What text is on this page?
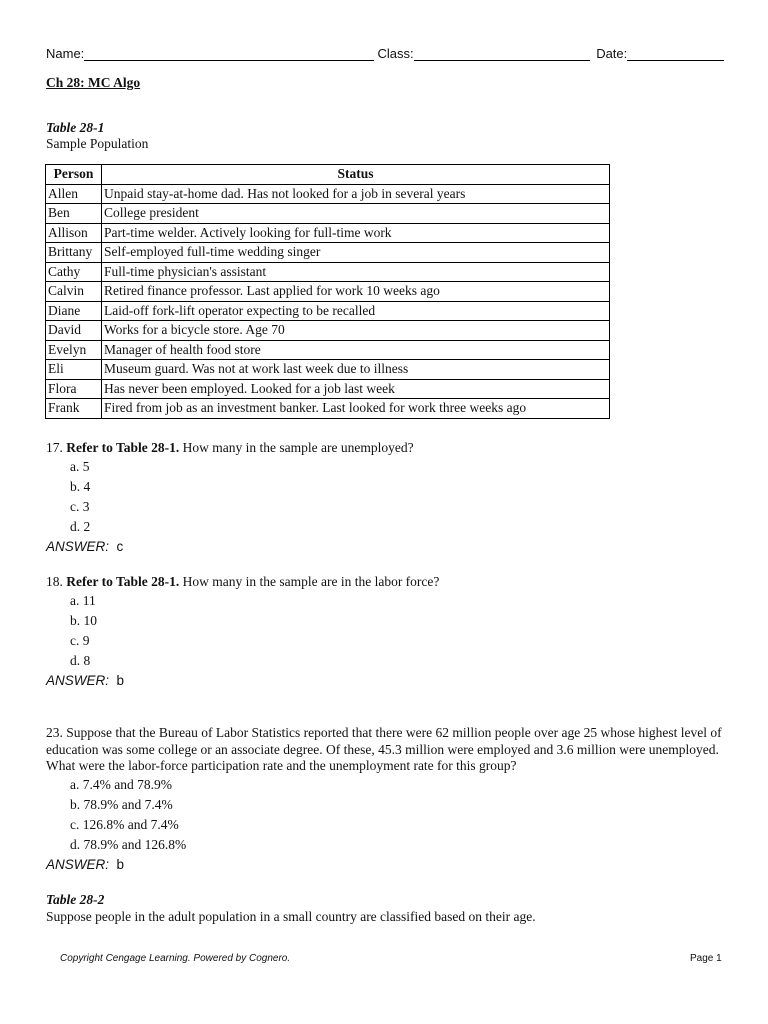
Name:	Class:	Date:
Ch 28: MC Algo
Table 28-1
Sample Population
Person	Status
Allen	Unpaid stay-at-home dad. Has not looked for a job in several years
Ben	College president
Allison	Part-time welder. Actively looking for full-time work
Brittany	Self-employed full-time wedding singer
Cathy	Full-time physician's assistant
Calvin	Retired finance professor. Last applied for work 10 weeks ago
Diane	Laid-off fork-lift operator expecting to be recalled
David	Works for a bicycle store. Age 70
Evelyn	Manager of health food store
Eli	Museum guard. Was not at work last week due to illness
Flora	Has never been employed. Looked for a job last week
Frank	Fired from job as an investment banker. Last looked for work three weeks ago
17. Refer to Table 28-1. How many in the sample are unemployed?
a. 5
b. 4
c. 3
d. 2
ANSWER: c
18. Refer to Table 28-1. How many in the sample are in the labor force?
a. 11
b. 10
c. 9
d. 8
ANSWER: b
23. Suppose that the Bureau of Labor Statistics reported that there were 62 million people over age 25 whose highest level of education was some college or an associate degree. Of these, 45.3 million were employed and 3.6 million were unemployed. What were the labor-force participation rate and the unemployment rate for this group?
a. 7.4% and 78.9%
b. 78.9% and 7.4%
c. 126.8% and 7.4%
d. 78.9% and 126.8%
ANSWER: b
Table 28-2
Suppose people in the adult population in a small country are classified based on their age.
Copyright Cengage Learning. Powered by Cognero.	Page 1
